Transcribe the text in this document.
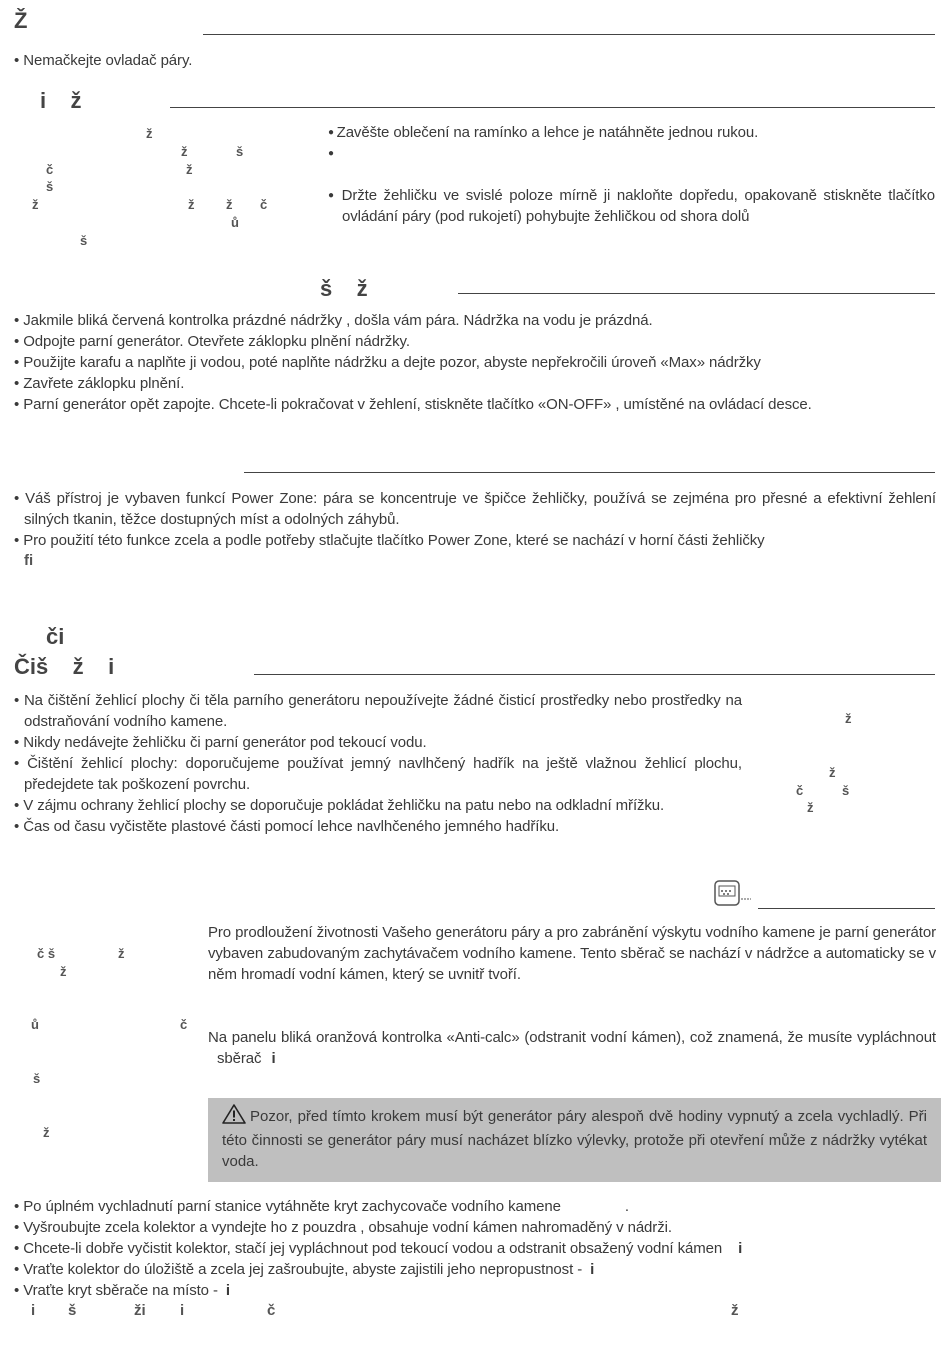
Ž
• Nemačkejte ovladač páry.
i    ž
ž
ž	š
č	ž
š
ž	ž ž č
ů
š
● Zavěšte oblečení na ramínko a lehce je natáhněte jednou rukou.
●
● Držte žehličku ve svislé poloze mírně ji nakloňte dopředu, opakovaně stiskněte tlačítko ovládání páry (pod rukojetí) pohybujte žehličkou od shora dolů
š    ž
• Jakmile bliká červená kontrolka prázdné nádržky , došla vám pára. Nádržka na vodu je prázdná.
• Odpojte parní generátor. Otevřete záklopku plnění nádržky.
• Použijte karafu a naplňte ji vodou, poté naplňte nádržku a dejte pozor, abyste nepřekročili úroveň «Max» nádržky
• Zavřete záklopku plnění.
• Parní generátor opět zapojte. Chcete-li pokračovat v žehlení, stiskněte tlačítko «ON-OFF» , umístěné na ovládací desce.
• Váš přístroj je vybaven funkcí Power Zone: pára se koncentruje ve špičce žehličky, používá se zejména pro přesné a efektivní žehlení silných tkanin, těžce dostupných míst a odolných záhybů.
• Pro použití této funkce zcela a podle potřeby stlačujte tlačítko Power Zone, které se nachází v horní části žehličky
fi
či
Čiš    ž    i
• Na čištění žehlicí plochy či těla parního generátoru nepoužívejte žádné čisticí prostředky nebo prostředky na odstraňování vodního kamene.
• Nikdy nedávejte žehličku či parní generátor pod tekoucí vodu.
• Čištění žehlicí plochy: doporučujeme používat jemný navlhčený hadřík na ještě vlažnou žehlicí plochu, předejdete tak poškození povrchu.
• V zájmu ochrany žehlicí plochy se doporučuje pokládat žehličku na patu nebo na odkladní mřížku.
• Čas od času vyčistěte plastové části pomocí lehce navlhčeného jemného hadříku.
ž
ž
č	š
ž
č š	ž
ž
ů	č
š
ž
Pro prodloužení životnosti Vašeho generátoru páry a pro zabránění výskytu vodního kamene je parní generátor vybaven zabudovaným zachytávačem vodního kamene. Tento sběrač se nachází v nádržce a automaticky se v něm hromadí vodní kámen, který se uvnitř tvoří.
Na panelu bliká oranžová kontrolka «Anti-calc» (odstranit vodní kámen), což znamená, že musíte vypláchnout sběrač i
Pozor, před tímto krokem musí být generátor páry alespoň dvě hodiny vypnutý a zcela vychladlý. Při této činnosti se generátor páry musí nacházet blízko výlevky, protože při otevření může z nádržky vytékat voda.
• Po úplném vychladnutí parní stanice vytáhněte kryt zachycovače vodního kamene	.
• Vyšroubujte zcela kolektor a vyndejte ho z pouzdra , obsahuje vodní kámen nahromaděný v nádrži.
• Chcete-li dobře vyčistit kolektor, stačí jej vypláchnout pod tekoucí vodou a odstranit obsažený vodní kámen i
• Vraťte kolektor do úložiště a zcela jej zašroubujte, abyste zajistili jeho nepropustnost - i
• Vraťte kryt sběrače na místo - i
i š	ži i	č	ž
